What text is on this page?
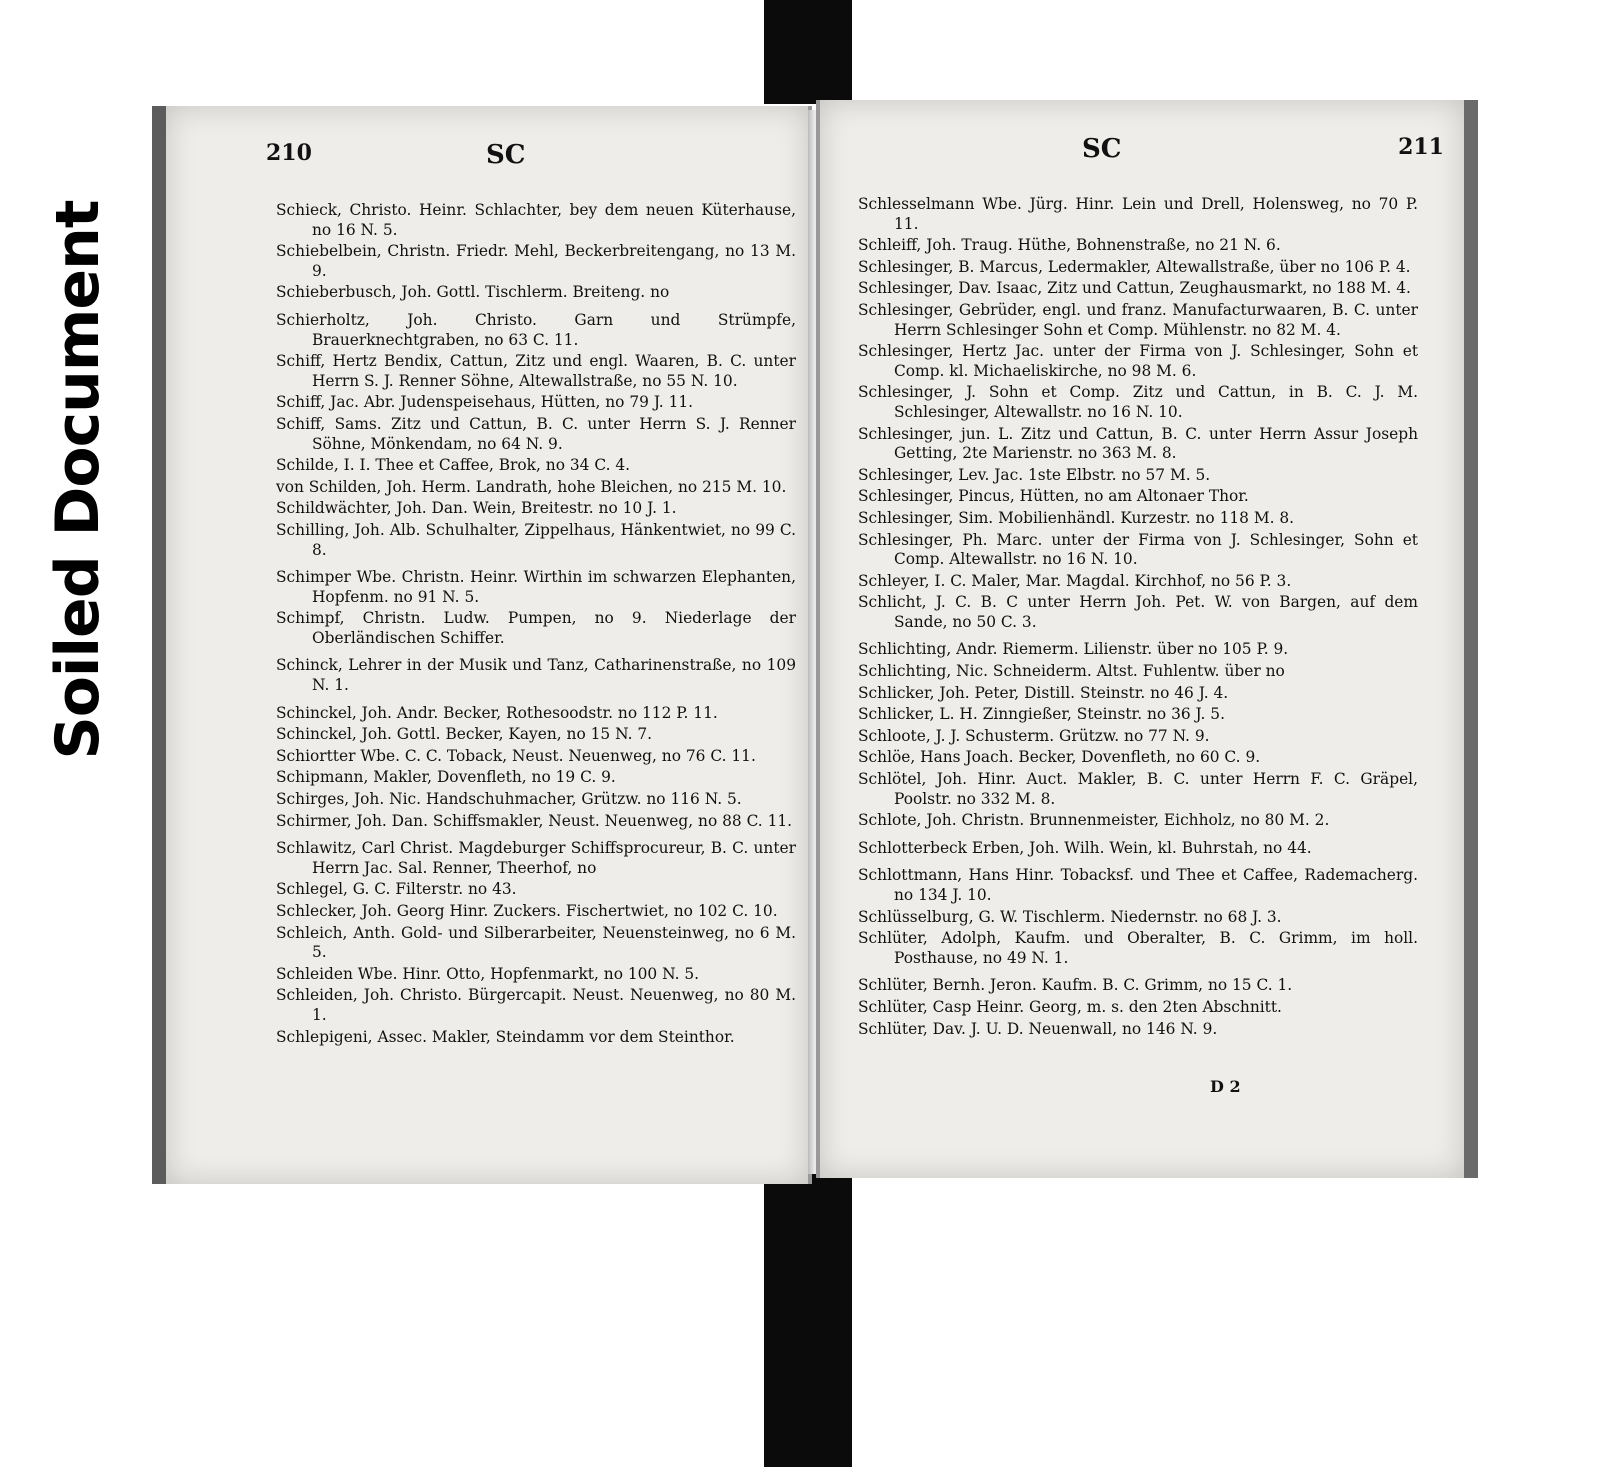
Soiled Document
210	SC
Schieck, Christo. Heinr. Schlachter, bey dem neuen Küterhause, no 16 N. 5.
Schiebelbein, Christn. Friedr. Mehl, Beckerbreitengang, no 13 M. 9.
Schieberbusch, Joh. Gottl. Tischlerm. Breiteng. no
Schierholtz, Joh. Christo. Garn und Strümpfe, Brauerknechtgraben, no 63 C. 11.
Schiff, Hertz Bendix, Cattun, Zitz und engl. Waaren, B. C. unter Herrn S. J. Renner Söhne, Altewallstraße, no 55 N. 10.
Schiff, Jac. Abr. Judenspeisehaus, Hütten, no 79 J. 11.
Schiff, Sams. Zitz und Cattun, B. C. unter Herrn S. J. Renner Söhne, Mönkendam, no 64 N. 9.
Schilde, I. I. Thee et Caffee, Brok, no 34 C. 4.
von Schilden, Joh. Herm. Landrath, hohe Bleichen, no 215 M. 10.
Schildwächter, Joh. Dan. Wein, Breitestr. no 10 J. 1.
Schilling, Joh. Alb. Schulhalter, Zippelhaus, Hänkentwiet, no 99 C. 8.
Schimper Wbe. Christn. Heinr. Wirthin im schwarzen Elephanten, Hopfenm. no 91 N. 5.
Schimpf, Christn. Ludw. Pumpen, no 9. Niederlage der Oberländischen Schiffer.
Schinck, Lehrer in der Musik und Tanz, Catharinenstraße, no 109 N. 1.
Schinckel, Joh. Andr. Becker, Rothesoodstr. no 112 P. 11.
Schinckel, Joh. Gottl. Becker, Kayen, no 15 N. 7.
Schiortter Wbe. C. C. Toback, Neust. Neuenweg, no 76 C. 11.
Schipmann, Makler, Dovenfleth, no 19 C. 9.
Schirges, Joh. Nic. Handschuhmacher, Grützw. no 116 N. 5.
Schirmer, Joh. Dan. Schiffsmakler, Neust. Neuenweg, no 88 C. 11.
Schlawitz, Carl Christ. Magdeburger Schiffsprocureur, B. C. unter Herrn Jac. Sal. Renner, Theerhof, no
Schlegel, G. C. Filterstr. no 43.
Schlecker, Joh. Georg Hinr. Zuckers. Fischertwiet, no 102 C. 10.
Schleich, Anth. Gold- und Silberarbeiter, Neuensteinweg, no 6 M. 5.
Schleiden Wbe. Hinr. Otto, Hopfenmarkt, no 100 N. 5.
Schleiden, Joh. Christo. Bürgercapit. Neust. Neuenweg, no 80 M. 1.
Schlepigeni, Assec. Makler, Steindamm vor dem Steinthor.
SC	211
Schlesselmann Wbe. Jürg. Hinr. Lein und Drell, Holensweg, no 70 P. 11.
Schleiff, Joh. Traug. Hüthe, Bohnenstraße, no 21 N. 6.
Schlesinger, B. Marcus, Ledermakler, Altewallstraße, über no 106 P. 4.
Schlesinger, Dav. Isaac, Zitz und Cattun, Zeughausmarkt, no 188 M. 4.
Schlesinger, Gebrüder, engl. und franz. Manufacturwaaren, B. C. unter Herrn Schlesinger Sohn et Comp. Mühlenstr. no 82 M. 4.
Schlesinger, Hertz Jac. unter der Firma von J. Schlesinger, Sohn et Comp. kl. Michaeliskirche, no 98 M. 6.
Schlesinger, J. Sohn et Comp. Zitz und Cattun, in B. C. J. M. Schlesinger, Altewallstr. no 16 N. 10.
Schlesinger, jun. L. Zitz und Cattun, B. C. unter Herrn Assur Joseph Getting, 2te Marienstr. no 363 M. 8.
Schlesinger, Lev. Jac. 1ste Elbstr. no 57 M. 5.
Schlesinger, Pincus, Hütten, no am Altonaer Thor.
Schlesinger, Sim. Mobilienhändl. Kurzestr. no 118 M. 8.
Schlesinger, Ph. Marc. unter der Firma von J. Schlesinger, Sohn et Comp. Altewallstr. no 16 N. 10.
Schleyer, I. C. Maler, Mar. Magdal. Kirchhof, no 56 P. 3.
Schlicht, J. C. B. C unter Herrn Joh. Pet. W. von Bargen, auf dem Sande, no 50 C. 3.
Schlichting, Andr. Riemerm. Lilienstr. über no 105 P. 9.
Schlichting, Nic. Schneiderm. Altst. Fuhlentw. über no
Schlicker, Joh. Peter, Distill. Steinstr. no 46 J. 4.
Schlicker, L. H. Zinngießer, Steinstr. no 36 J. 5.
Schloote, J. J. Schusterm. Grützw. no 77 N. 9.
Schlöe, Hans Joach. Becker, Dovenfleth, no 60 C. 9.
Schlötel, Joh. Hinr. Auct. Makler, B. C. unter Herrn F. C. Gräpel, Poolstr. no 332 M. 8.
Schlote, Joh. Christn. Brunnenmeister, Eichholz, no 80 M. 2.
Schlotterbeck Erben, Joh. Wilh. Wein, kl. Buhrstah, no 44.
Schlottmann, Hans Hinr. Tobacksf. und Thee et Caffee, Rademacherg. no 134 J. 10.
Schlüsselburg, G. W. Tischlerm. Niedernstr. no 68 J. 3.
Schlüter, Adolph, Kaufm. und Oberalter, B. C. Grimm, im holl. Posthause, no 49 N. 1.
Schlüter, Bernh. Jeron. Kaufm. B. C. Grimm, no 15 C. 1.
Schlüter, Casp Heinr. Georg, m. s. den 2ten Abschnitt.
Schlüter, Dav. J. U. D. Neuenwall, no 146 N. 9.
D 2
